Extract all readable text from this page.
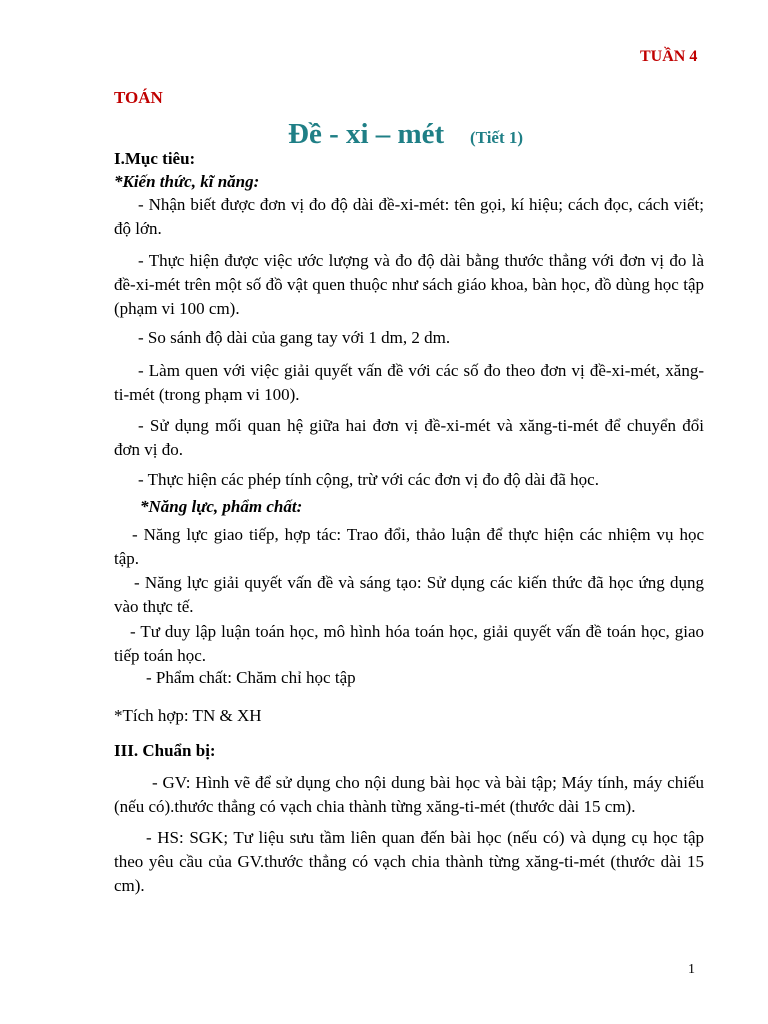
TUẦN 4
TOÁN
Đề - xi – mét (Tiết 1)
I.Mục tiêu:
*Kiến thức, kĩ năng:
- Nhận biết được đơn vị đo độ dài đề-xi-mét: tên gọi, kí hiệu; cách đọc, cách viết; độ lớn.
- Thực hiện được việc ước lượng và đo độ dài bằng thước thẳng với đơn vị đo là đề-xi-mét trên một số đồ vật quen thuộc như sách giáo khoa, bàn học, đồ dùng học tập (phạm vi 100 cm).
- So sánh độ dài của gang tay với 1 dm, 2 dm.
- Làm quen với việc giải quyết vấn đề với các số đo theo đơn vị đề-xi-mét, xăng- ti-mét (trong phạm vi 100).
- Sử dụng mối quan hệ giữa hai đơn vị đề-xi-mét và xăng-ti-mét để chuyển đổi đơn vị đo.
- Thực hiện các phép tính cộng, trừ với các đơn vị đo độ dài đã học.
*Năng lực, phẩm chất:
- Năng lực giao tiếp, hợp tác: Trao đổi, thảo luận để thực hiện các nhiệm vụ học tập.
- Năng lực giải quyết vấn đề và sáng tạo: Sử dụng các kiến thức đã học ứng dụng vào thực tế.
- Tư duy lập luận toán học, mô hình hóa toán học, giải quyết vấn đề toán học, giao tiếp toán học.
- Phẩm chất: Chăm chỉ học tập
*Tích hợp: TN & XH
III. Chuẩn bị:
- GV: Hình vẽ để sử dụng cho nội dung bài học và bài tập; Máy tính, máy chiếu (nếu có).thước thẳng có vạch chia thành từng xăng-ti-mét (thước dài 15 cm).
- HS: SGK; Tư liệu sưu tầm liên quan đến bài học (nếu có) và dụng cụ học tập theo yêu cầu của GV.thước thẳng có vạch chia thành từng xăng-ti-mét (thước dài 15 cm).
1
